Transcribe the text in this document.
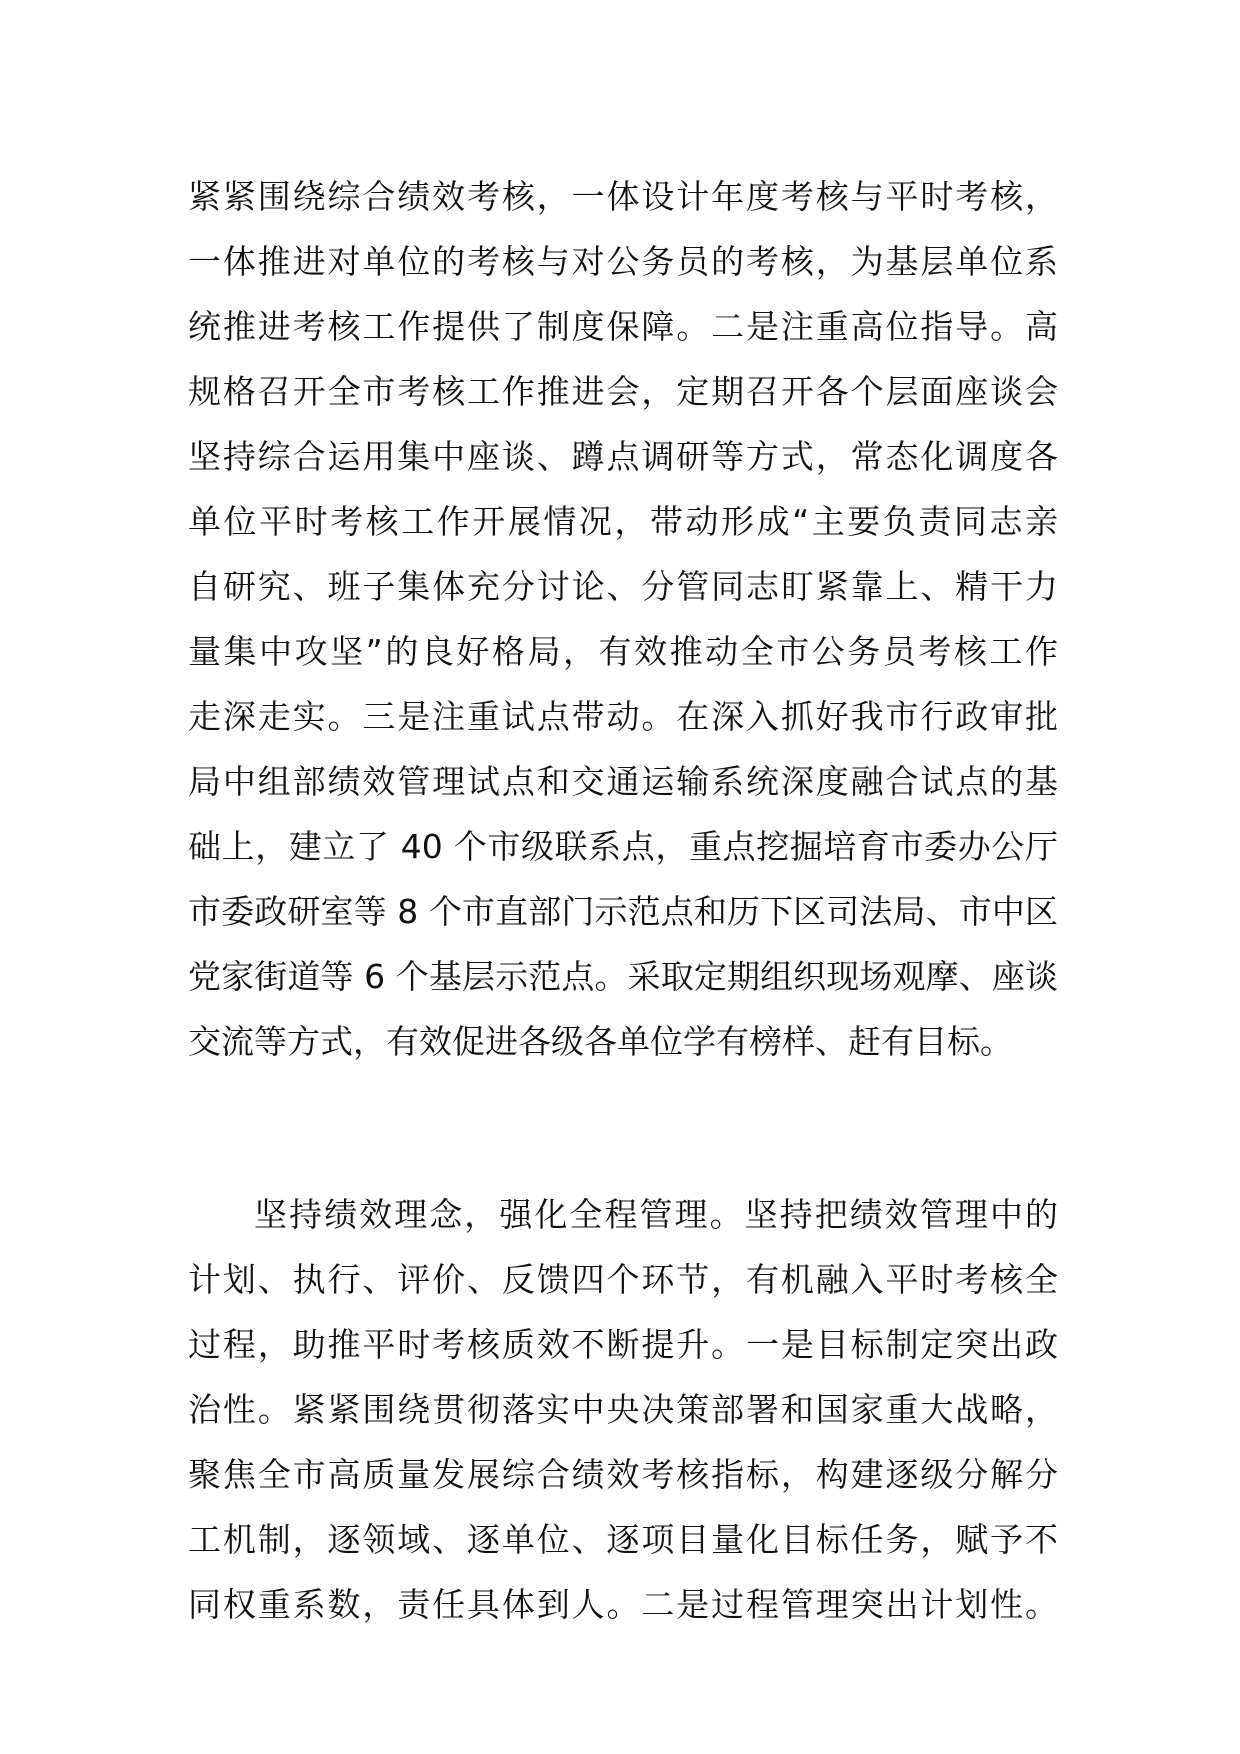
紧紧围绕综合绩效考核，一体设计年度考核与平时考核，
一体推进对单位的考核与对公务员的考核，为基层单位系
统推进考核工作提供了制度保障。二是注重高位指导。高
规格召开全市考核工作推进会，定期召开各个层面座谈会
坚持综合运用集中座谈、蹲点调研等方式，常态化调度各
单位平时考核工作开展情况，带动形成“主要负责同志亲
自研究、班子集体充分讨论、分管同志盯紧靠上、精干力
量集中攻坚”的良好格局，有效推动全市公务员考核工作
走深走实。三是注重试点带动。在深入抓好我市行政审批
局中组部绩效管理试点和交通运输系统深度融合试点的基
础上，建立了 40 个市级联系点，重点挖掘培育市委办公厅
市委政研室等 8 个市直部门示范点和历下区司法局、市中区
党家街道等 6 个基层示范点。采取定期组织现场观摩、座谈
交流等方式，有效促进各级各单位学有榜样、赶有目标。
坚持绩效理念，强化全程管理。坚持把绩效管理中的
计划、执行、评价、反馈四个环节，有机融入平时考核全
过程，助推平时考核质效不断提升。一是目标制定突出政
治性。紧紧围绕贯彻落实中央决策部署和国家重大战略，
聚焦全市高质量发展综合绩效考核指标，构建逐级分解分
工机制，逐领域、逐单位、逐项目量化目标任务，赋予不
同权重系数，责任具体到人。二是过程管理突出计划性。
